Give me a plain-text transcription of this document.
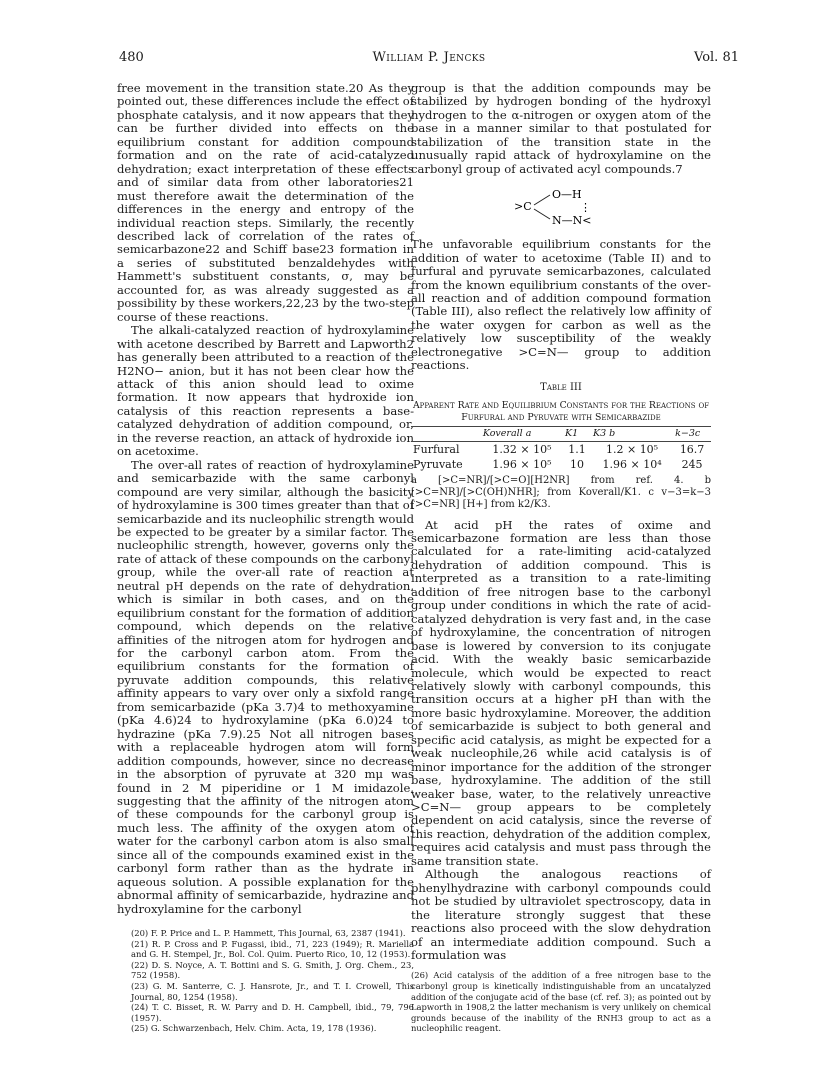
480	William P. Jencks	Vol. 81

free movement in the transition state.20 As they pointed out, these differences include the effect of phosphate catalysis, and it now appears that they can be further divided into effects on the equilibrium constant for addition compound formation and on the rate of acid-catalyzed dehydration; exact interpretation of these effects and of similar data from other laboratories21 must therefore await the determination of the differences in the energy and entropy of the individual reaction steps. Similarly, the recently described lack of correlation of the rates of semicarbazone22 and Schiff base23 formation in a series of substituted benzaldehydes with Hammett's substituent constants, σ, may be accounted for, as was already suggested as a possibility by these workers,22,23 by the two-step course of these reactions.

The alkali-catalyzed reaction of hydroxylamine with acetone described by Barrett and Lapworth2 has generally been attributed to a reaction of the H2NO− anion, but it has not been clear how the attack of this anion should lead to oxime formation. It now appears that hydroxide ion catalysis of this reaction represents a base-catalyzed dehydration of addition compound, or, in the reverse reaction, an attack of hydroxide ion on acetoxime.

The over-all rates of reaction of hydroxylamine and semicarbazide with the same carbonyl compound are very similar, although the basicity of hydroxylamine is 300 times greater than that of semicarbazide and its nucleophilic strength would be expected to be greater by a similar factor. The nucleophilic strength, however, governs only the rate of attack of these compounds on the carbonyl group, while the over-all rate of reaction at neutral pH depends on the rate of dehydration, which is similar in both cases, and on the equilibrium constant for the formation of addition compound, which depends on the relative affinities of the nitrogen atom for hydrogen and for the carbonyl carbon atom. From the equilibrium constants for the formation of pyruvate addition compounds, this relative affinity appears to vary over only a sixfold range from semicarbazide (pKa 3.7)4 to methoxyamine (pKa 4.6)24 to hydroxylamine (pKa 6.0)24 to hydrazine (pKa 7.9).25 Not all nitrogen bases with a replaceable hydrogen atom will form addition compounds, however, since no decrease in the absorption of pyruvate at 320 mμ was found in 2 M piperidine or 1 M imidazole, suggesting that the affinity of the nitrogen atom of these compounds for the carbonyl group is much less. The affinity of the oxygen atom of water for the carbonyl carbon atom is also small since all of the compounds examined exist in the carbonyl form rather than as the hydrate in aqueous solution. A possible explanation for the abnormal affinity of semicarbazide, hydrazine and hydroxylamine for the carbonyl

(20) F. P. Price and L. P. Hammett, This Journal, 63, 2387 (1941).
(21) R. P. Cross and P. Fugassi, ibid., 71, 223 (1949); R. Mariella and G. H. Stempel, Jr., Bol. Col. Quim. Puerto Rico, 10, 12 (1953).
(22) D. S. Noyce, A. T. Bottini and S. G. Smith, J. Org. Chem., 23, 752 (1958).
(23) G. M. Santerre, C. J. Hansrote, Jr., and T. I. Crowell, This Journal, 80, 1254 (1958).
(24) T. C. Bisset, R. W. Parry and D. H. Campbell, ibid., 79, 796 (1957).
(25) G. Schwarzenbach, Helv. Chim. Acta, 19, 178 (1936).

group is that the addition compounds may be stabilized by hydrogen bonding of the hydroxyl hydrogen to the α-nitrogen or oxygen atom of the base in a manner similar to that postulated for stabilization of the transition state in the unusually rapid attack of hydroxylamine on the carbonyl group of activated acyl compounds.7

>C
O—H
⋮
N—N<

The unfavorable equilibrium constants for the addition of water to acetoxime (Table II) and to furfural and pyruvate semicarbazones, calculated from the known equilibrium constants of the over-all reaction and of addition compound formation (Table III), also reflect the relatively low affinity of the water oxygen for carbon as well as the relatively low susceptibility of the weakly electronegative >C=N— group to addition reactions.

Table III
Apparent Rate and Equilibrium Constants for the Reactions of Furfural and Pyruvate with Semicarbazide
	Koverall a	K1	K3 b	k−3c
Furfural	1.32 × 10⁵	1.1	1.2 × 10⁵	16.7
Pyruvate	1.96 × 10⁵	10	1.96 × 10⁴	245
a [>C=NR]/[>C=O][H2NR] from ref. 4. b [>C=NR]/[>C(OH)NHR]; from Koverall/K1. c v−3=k−3 [>C=NR] [H+] from k2/K3.

At acid pH the rates of oxime and semicarbazone formation are less than those calculated for a rate-limiting acid-catalyzed dehydration of addition compound. This is interpreted as a transition to a rate-limiting addition of free nitrogen base to the carbonyl group under conditions in which the rate of acid-catalyzed dehydration is very fast and, in the case of hydroxylamine, the concentration of nitrogen base is lowered by conversion to its conjugate acid. With the weakly basic semicarbazide molecule, which would be expected to react relatively slowly with carbonyl compounds, this transition occurs at a higher pH than with the more basic hydroxylamine. Moreover, the addition of semicarbazide is subject to both general and specific acid catalysis, as might be expected for a weak nucleophile,26 while acid catalysis is of minor importance for the addition of the stronger base, hydroxylamine. The addition of the still weaker base, water, to the relatively unreactive >C=N— group appears to be completely dependent on acid catalysis, since the reverse of this reaction, dehydration of the addition complex, requires acid catalysis and must pass through the same transition state.

Although the analogous reactions of phenylhydrazine with carbonyl compounds could not be studied by ultraviolet spectroscopy, data in the literature strongly suggest that these reactions also proceed with the slow dehydration of an intermediate addition compound. Such a formulation was

(26) Acid catalysis of the addition of a free nitrogen base to the carbonyl group is kinetically indistinguishable from an uncatalyzed addition of the conjugate acid of the base (cf. ref. 3); as pointed out by Lapworth in 1908,2 the latter mechanism is very unlikely on chemical grounds because of the inability of the RNH3 group to act as a nucleophilic reagent.
